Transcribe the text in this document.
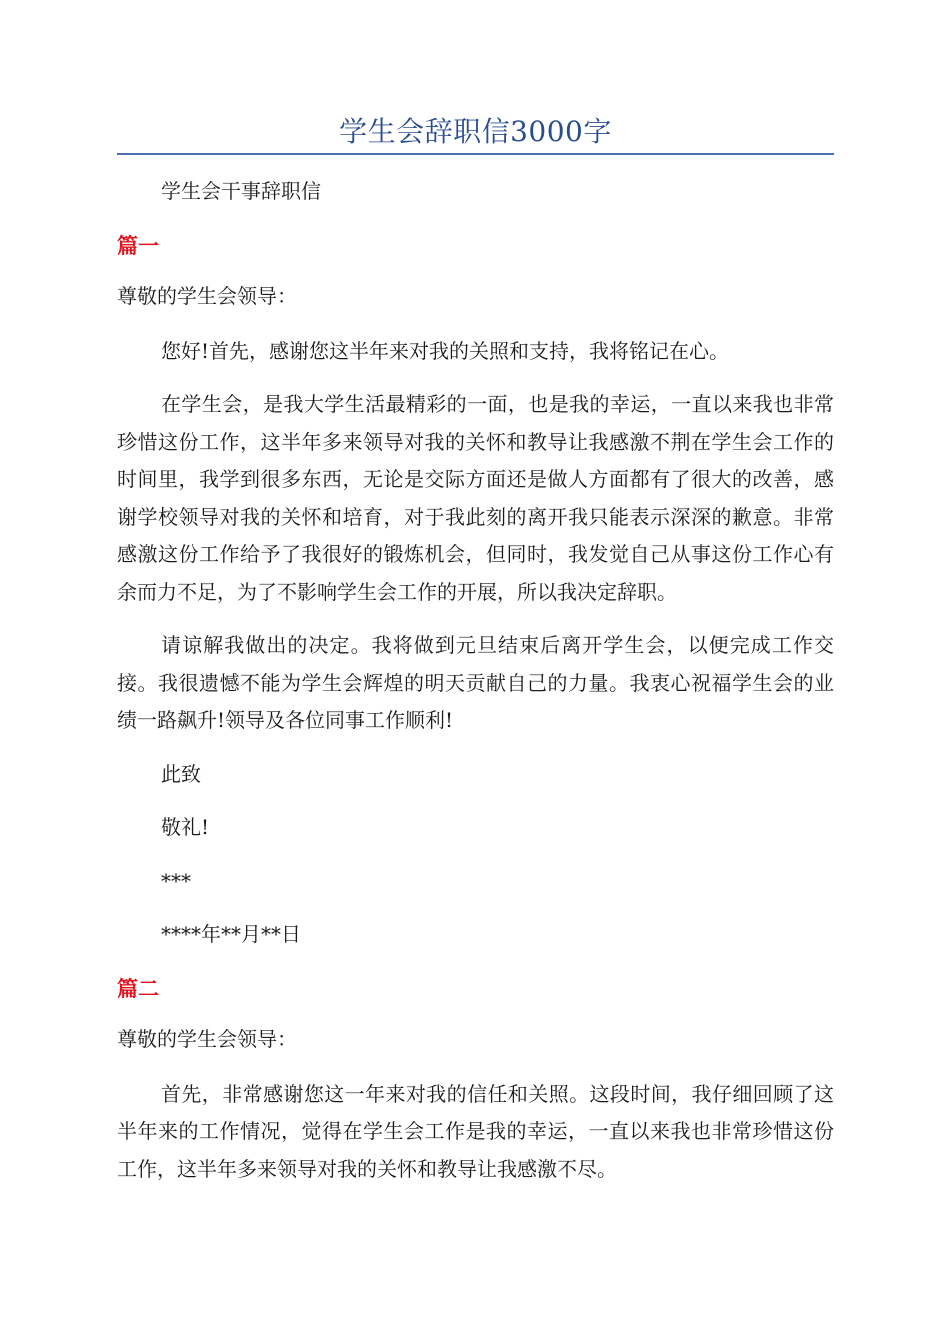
学生会辞职信3000字

学生会干事辞职信

篇一

尊敬的学生会领导：

您好!首先，感谢您这半年来对我的关照和支持，我将铭记在心。

在学生会，是我大学生活最精彩的一面，也是我的幸运，一直以来我也非常珍惜这份工作，这半年多来领导对我的关怀和教导让我感激不荆在学生会工作的时间里，我学到很多东西，无论是交际方面还是做人方面都有了很大的改善，感谢学校领导对我的关怀和培育，对于我此刻的离开我只能表示深深的歉意。非常感激这份工作给予了我很好的锻炼机会，但同时，我发觉自己从事这份工作心有余而力不足，为了不影响学生会工作的开展，所以我决定辞职。

请谅解我做出的决定。我将做到元旦结束后离开学生会，以便完成工作交接。我很遗憾不能为学生会辉煌的明天贡献自己的力量。我衷心祝福学生会的业绩一路飙升!领导及各位同事工作顺利!

此致

敬礼!

***

****年**月**日

篇二

尊敬的学生会领导：

首先，非常感谢您这一年来对我的信任和关照。这段时间，我仔细回顾了这半年来的工作情况，觉得在学生会工作是我的幸运，一直以来我也非常珍惜这份工作，这半年多来领导对我的关怀和教导让我感激不尽。
